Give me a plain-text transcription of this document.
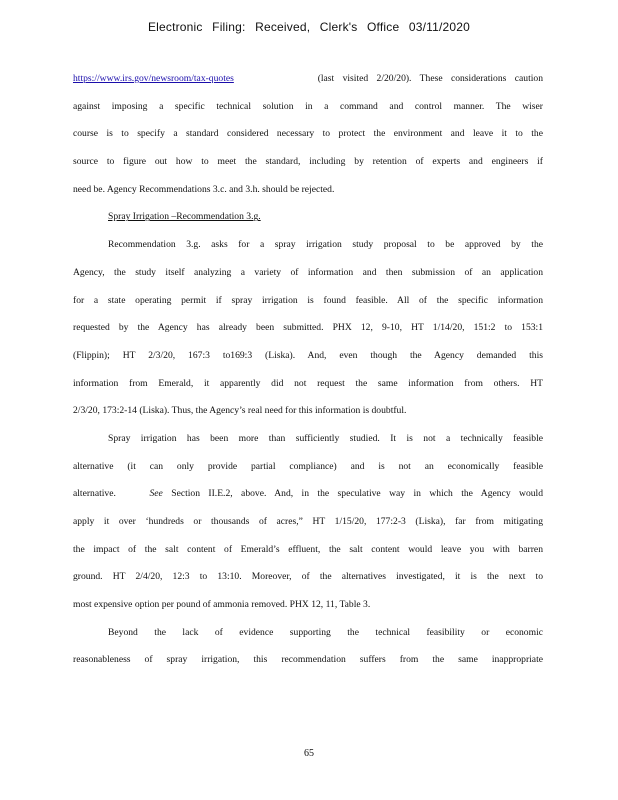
Electronic Filing: Received, Clerk's Office 03/11/2020
https://www.irs.gov/newsroom/tax-quotes	(last visited 2/20/20). These considerations caution
against imposing a specific technical solution in a command and control manner. The wiser
course is to specify a standard considered necessary to protect the environment and leave it to the
source to figure out how to meet the standard, including by retention of experts and engineers if
need be. Agency Recommendations 3.c. and 3.h. should be rejected.
Spray Irrigation –Recommendation 3.g.
Recommendation 3.g. asks for a spray irrigation study proposal to be approved by the
Agency, the study itself analyzing a variety of information and then submission of an application
for a state operating permit if spray irrigation is found feasible. All of the specific information
requested by the Agency has already been submitted. PHX 12, 9-10, HT 1/14/20, 151:2 to 153:1
(Flippin); HT 2/3/20, 167:3 to169:3 (Liska). And, even though the Agency demanded this
information from Emerald, it apparently did not request the same information from others. HT
2/3/20, 173:2-14 (Liska). Thus, the Agency’s real need for this information is doubtful.
Spray irrigation has been more than sufficiently studied. It is not a technically feasible
alternative (it can only provide partial compliance) and is not an economically feasible
alternative.	See Section II.E.2, above. And, in the speculative way in which the Agency would
apply it over ‘hundreds or thousands of acres,” HT 1/15/20, 177:2-3 (Liska), far from mitigating
the impact of the salt content of Emerald’s effluent, the salt content would leave you with barren
ground. HT 2/4/20, 12:3 to 13:10. Moreover, of the alternatives investigated, it is the next to
most expensive option per pound of ammonia removed. PHX 12, 11, Table 3.
Beyond the lack of evidence supporting the technical feasibility or economic
reasonableness of spray irrigation, this recommendation suffers from the same inappropriate
65
